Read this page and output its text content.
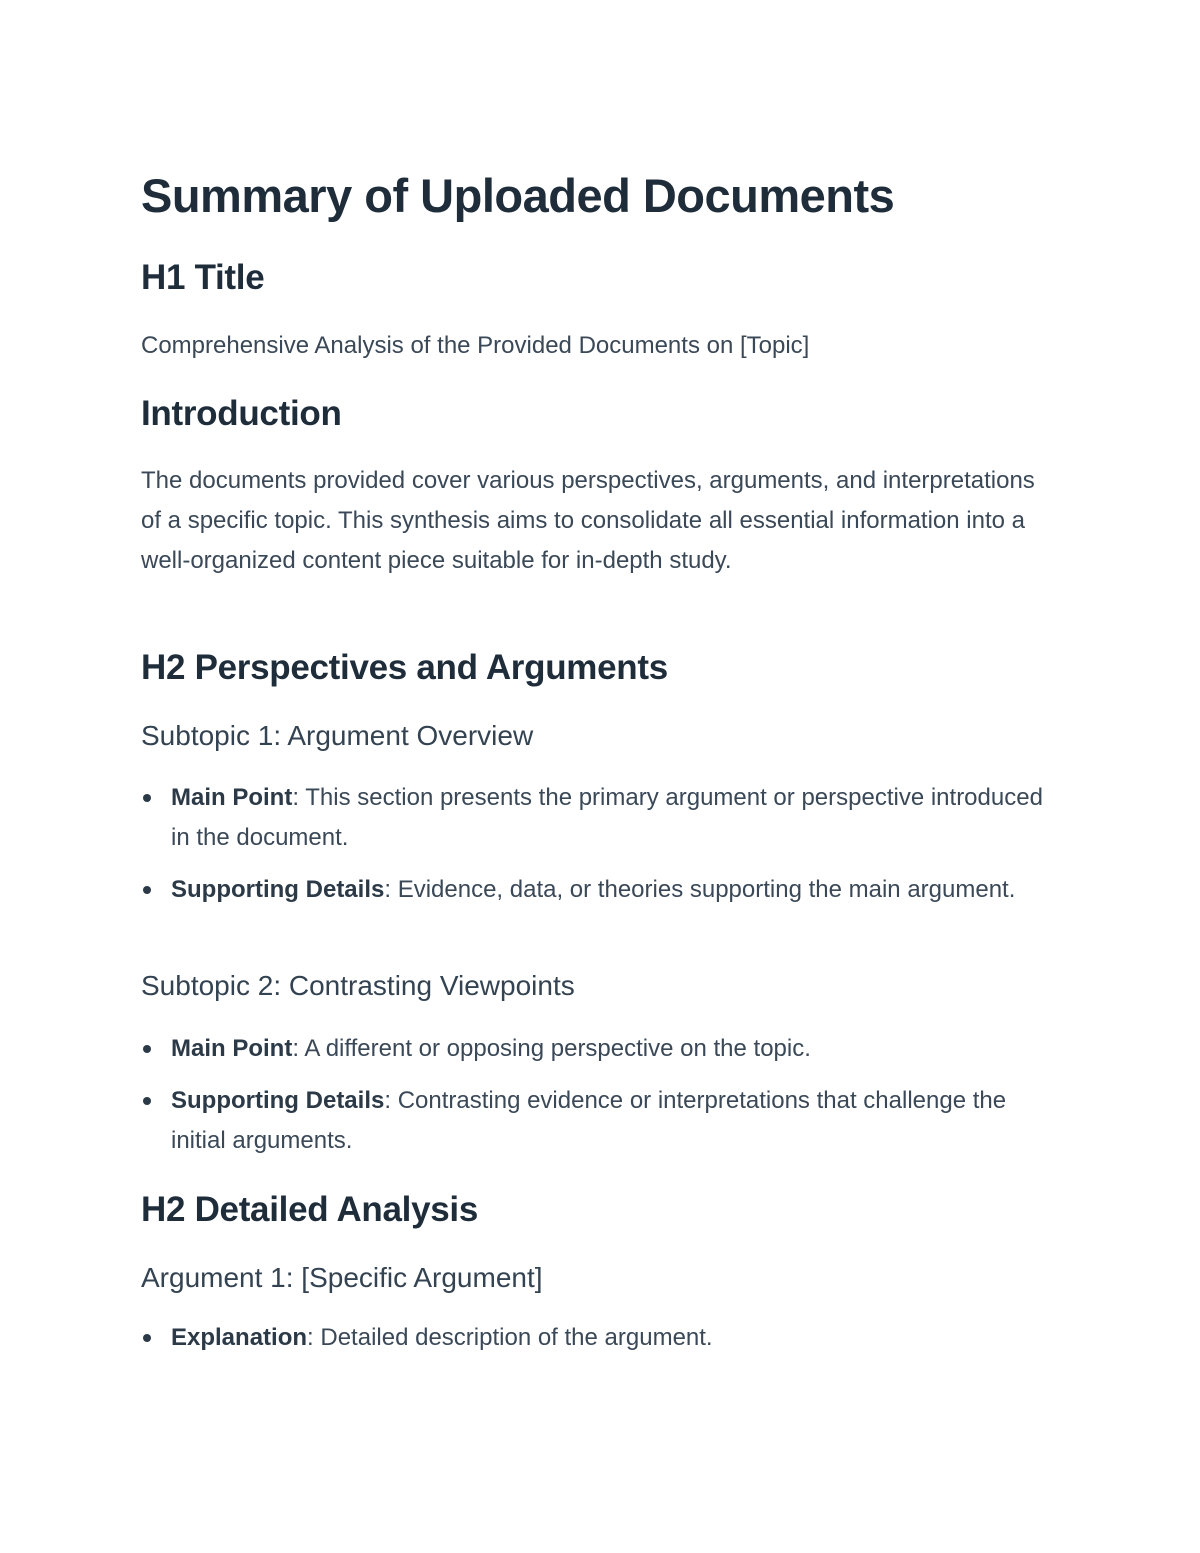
Summary of Uploaded Documents
H1 Title

Comprehensive Analysis of the Provided Documents on [Topic]

Introduction

The documents provided cover various perspectives, arguments, and interpretations of a specific topic. This synthesis aims to consolidate all essential information into a well-organized content piece suitable for in-depth study.

H2 Perspectives and Arguments
Subtopic 1: Argument Overview
Main Point: This section presents the primary argument or perspective introduced in the document.
Supporting Details: Evidence, data, or theories supporting the main argument.
Subtopic 2: Contrasting Viewpoints
Main Point: A different or opposing perspective on the topic.
Supporting Details: Contrasting evidence or interpretations that challenge the initial arguments.
H2 Detailed Analysis
Argument 1: [Specific Argument]
Explanation: Detailed description of the argument.
